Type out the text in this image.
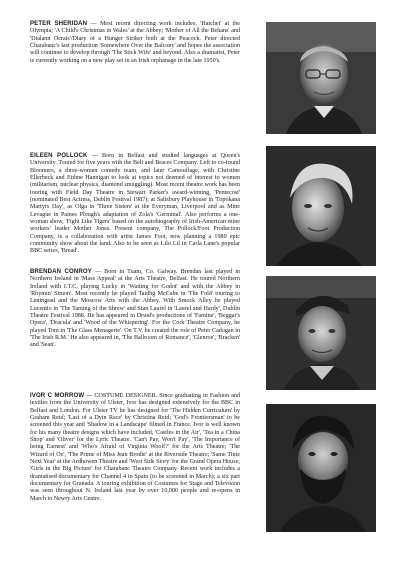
PETER SHERIDAN — Most recent directing work includes, 'Hatchet' at the Olympia; 'A Child's Christmas in Wales' at the Abbey; 'Mother of All the Behans' and 'Dialann Ocrais'/Diary of a Hunger Striker both at the Peacock. Peter directed Charabanc's last production 'Somewhere Over the Balcony' and hopes the association will continue to develop through 'The Stick Wife' and beyond. Also a dramatist, Peter is currently working on a new play set in an Irish orphanage in the late 1950's.

EILEEN POLLOCK — Born in Belfast and studied languages at Queen's University. Toured for five years with the Belt and Braces Company. Left to co-found Bloomers, a three-women comedy team, and later Camouflage, with Christine Ellerbeck and Eithne Hannigan to look at topics not deemed of interest to women (militarism, nuclear physics, diamond smuggling). Most recent theatre work has been touring with Field Day Theatre in Stewart Parker's award-winning, 'Pentecost' (nominated Best Actress, Dublin Festival 1987); at Salisbury Playhouse in 'Topokana Martyrs Day', as Olga in 'Three Sisters' at the Everyman, Liverpool and as Mme Levague in Paines Plough's adaptation of Zola's 'Germinal'. Also performs a one-woman show, 'Fight Like Tigers' based on the autobiography of Irish-American mine workers' leader Mother Jones. Present company, The Pollock/Foot Production Company, is a collaboration with artist James Foot, now planning a 1989 epic community show about the land. Also to be seen as Lilo Lil in Carla Lane's popular BBC series, 'Bread'.

BRENDAN CONROY — Born in Tuam, Co. Galway. Brendan last played in Northern Ireland in 'Mass Appeal' at the Arts Theatre, Belfast. He toured Northern Ireland with I.T.C. playing Lucky in 'Waiting for Godot' and with the Abbey in 'Rhymin' Simon'. Most recently he played Taidhg McCabe in 'The Fold' touring to Leningrad and the Moscow Arts with the Abbey. With Smock Alley he played Lucentio in 'The Taming of the Shrew' and Stan Laurel in 'Laurel and Hardy', Dublin Theatre Festival 1988. He has appeared in Druid's productions of 'Famine', 'Beggar's Opera', 'Dracula' and 'Wood of the Whispering'. For the Cork Theatre Company, he played Tom in 'The Glass Menagerie'. On T.V. he created the role of Peter Cadogan in 'The Irish R.M.' He also appeared in, 'The Ballroom of Romance', 'Glenroe', 'Bracken' and 'Sean'.

IVOR C MORROW — COSTUME DESIGNER. Since graduating in Fashion and textiles from the University of Ulster, Ivor has designed extensively for the BBC in Belfast and London. For Ulster TV he has designed for 'The Hidden Curriculum' by Graham Reid; 'Last of a Dyin Race' by Christina Reid; 'God's Frontiersman' to be screened this year and 'Shadow in a Landscape' filmed in France. Ivor is well known for his many theatre designs which have included, 'Castles in the Air', 'Tea in a China Shop' and 'Oliver' for the Lyric Theatre. 'Can't Pay, Won't Pay', 'The Importance of being Earnest' and 'Who's Afraid of Virginia Woolf?' for the Arts Theatre; 'The Wizard of Oz', 'The Prime of Miss Jean Brodie' at the Riverside Theatre; 'Same Time Next Year' at the Ardhowen Theatre and 'West Side Story' for the Grand Opera House; 'Girls in the Big Picture' for Charabanc Theatre Company. Recent work includes a dramatised documentary for Channel 4 in Spain (to be screened in March); a six part documentary for Granada. A touring exhibition of Costumes for Stage and Television was seen throughout N. Ireland last year by over 10,000 people and re-opens in March in Newry Arts Centre.
